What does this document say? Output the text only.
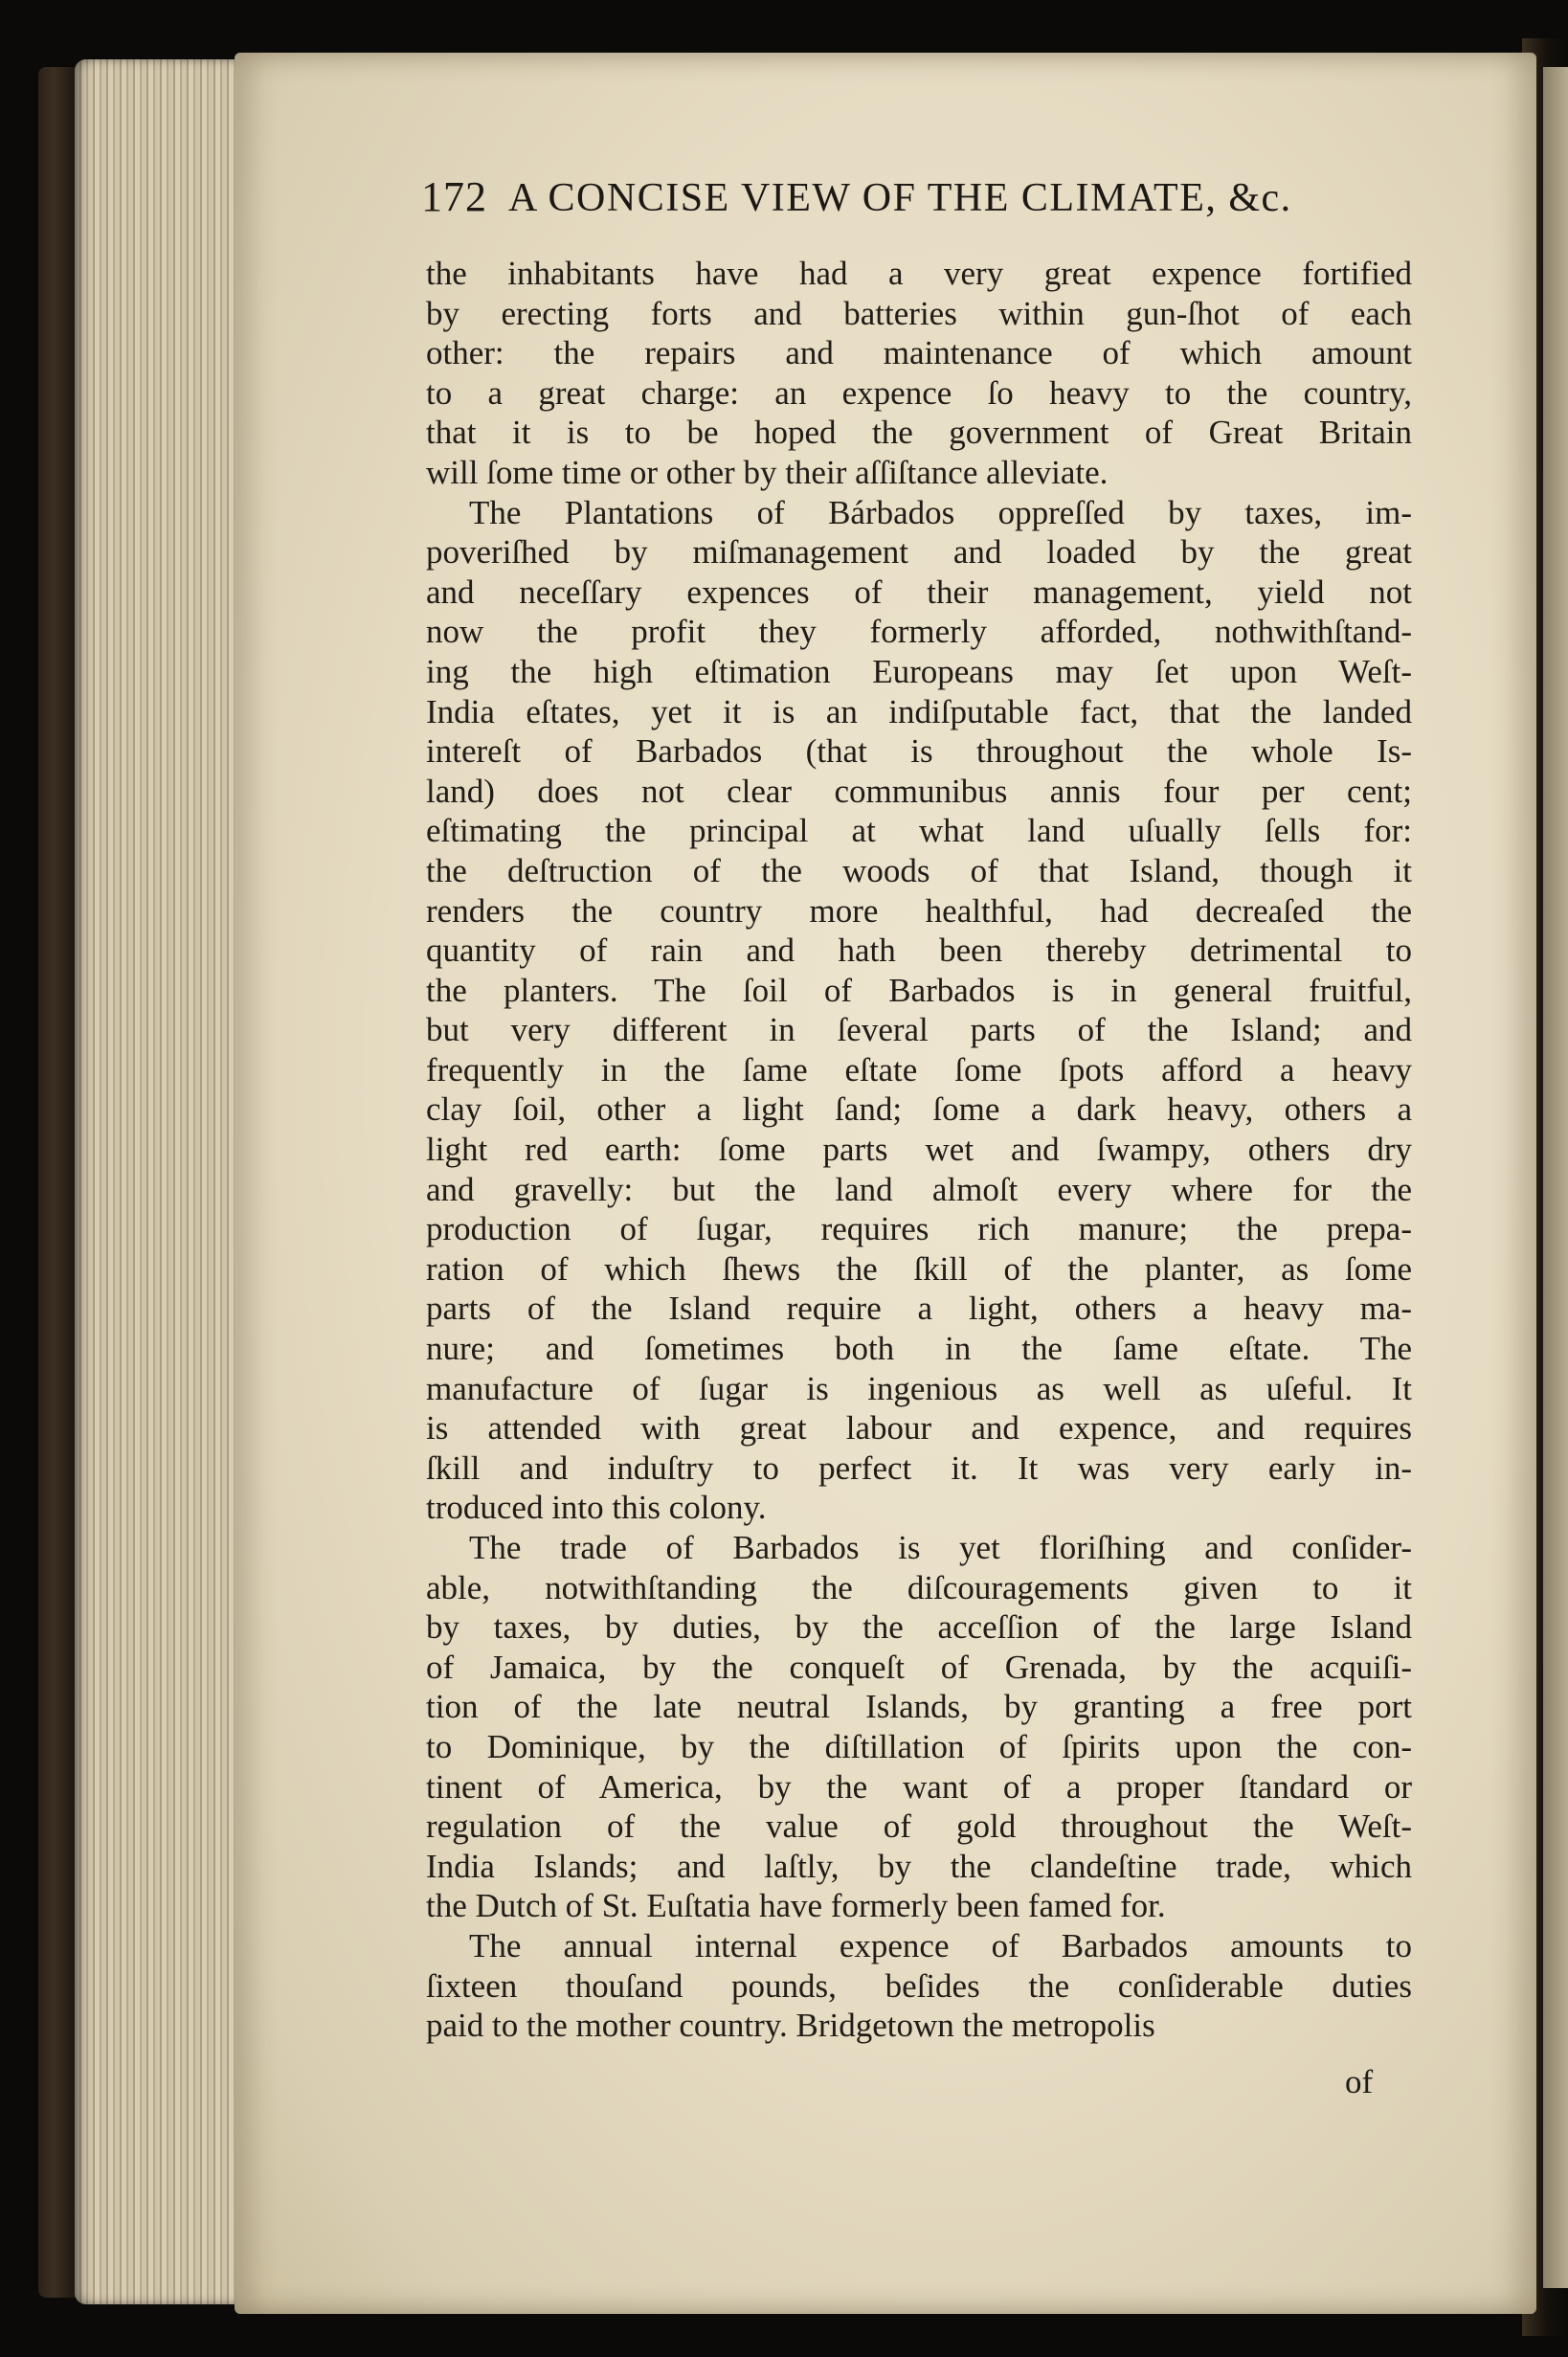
172 A CONCISE VIEW OF THE CLIMATE, &c.
the inhabitants have had a very great expence fortified
by erecting forts and batteries within gun-ſhot of each
other: the repairs and maintenance of which amount
to a great charge: an expence ſo heavy to the country,
that it is to be hoped the government of Great Britain
will ſome time or other by their aſſiſtance alleviate.
The Plantations of Bárbados oppreſſed by taxes, im-
poveriſhed by miſmanagement and loaded by the great
and neceſſary expences of their management, yield not
now the profit they formerly afforded, nothwithſtand-
ing the high eſtimation Europeans may ſet upon Weſt-
India eſtates, yet it is an indiſputable fact, that the landed
intereſt of Barbados (that is throughout the whole Is-
land) does not clear communibus annis four per cent;
eſtimating the principal at what land uſually ſells for:
the deſtruction of the woods of that Island, though it
renders the country more healthful, had decreaſed the
quantity of rain and hath been thereby detrimental to
the planters. The ſoil of Barbados is in general fruitful,
but very different in ſeveral parts of the Island; and
frequently in the ſame eſtate ſome ſpots afford a heavy
clay ſoil, other a light ſand; ſome a dark heavy, others a
light red earth: ſome parts wet and ſwampy, others dry
and gravelly: but the land almoſt every where for the
production of ſugar, requires rich manure; the prepa-
ration of which ſhews the ſkill of the planter, as ſome
parts of the Island require a light, others a heavy ma-
nure; and ſometimes both in the ſame eſtate. The
manufacture of ſugar is ingenious as well as uſeful. It
is attended with great labour and expence, and requires
ſkill and induſtry to perfect it. It was very early in-
troduced into this colony.
The trade of Barbados is yet floriſhing and conſider-
able, notwithſtanding the diſcouragements given to it
by taxes, by duties, by the acceſſion of the large Island
of Jamaica, by the conqueſt of Grenada, by the acquiſi-
tion of the late neutral Islands, by granting a free port
to Dominique, by the diſtillation of ſpirits upon the con-
tinent of America, by the want of a proper ſtandard or
regulation of the value of gold throughout the Weſt-
India Islands; and laſtly, by the clandeſtine trade, which
the Dutch of St. Euſtatia have formerly been famed for.
The annual internal expence of Barbados amounts to
ſixteen thouſand pounds, beſides the conſiderable duties
paid to the mother country. Bridgetown the metropolis
of
